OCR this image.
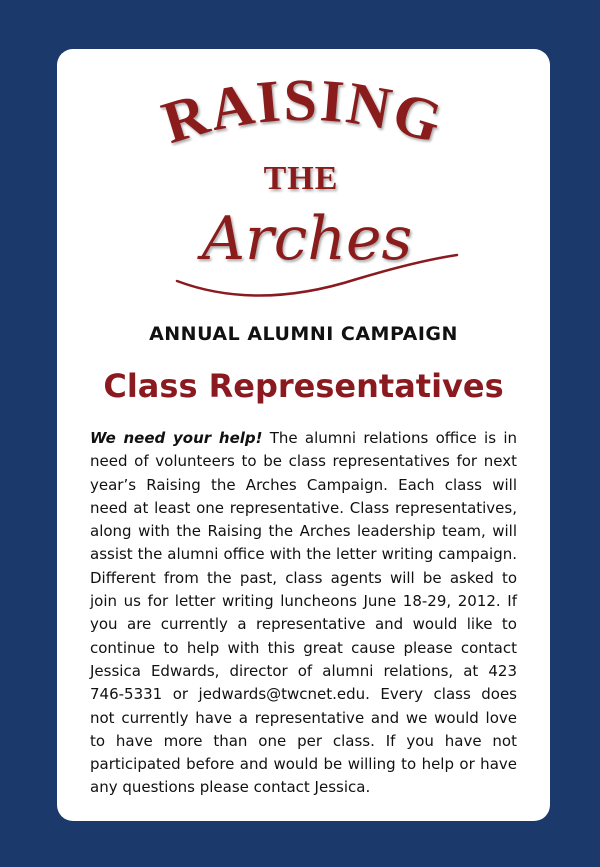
RAISING
THE
Arches
ANNUAL ALUMNI CAMPAIGN
Class Representatives
We need your help! The alumni relations office is in need of volunteers to be class representatives for next year’s Raising the Arches Campaign. Each class will need at least one representative. Class representatives, along with the Raising the Arches leadership team, will assist the alumni office with the letter writing campaign. Different from the past, class agents will be asked to join us for letter writing luncheons June 18-29, 2012. If you are currently a representative and would like to continue to help with this great cause please contact Jessica Edwards, director of alumni relations, at 423 746-5331 or jedwards@twcnet.edu. Every class does not currently have a representative and we would love to have more than one per class. If you have not participated before and would be willing to help or have any questions please contact Jessica.
